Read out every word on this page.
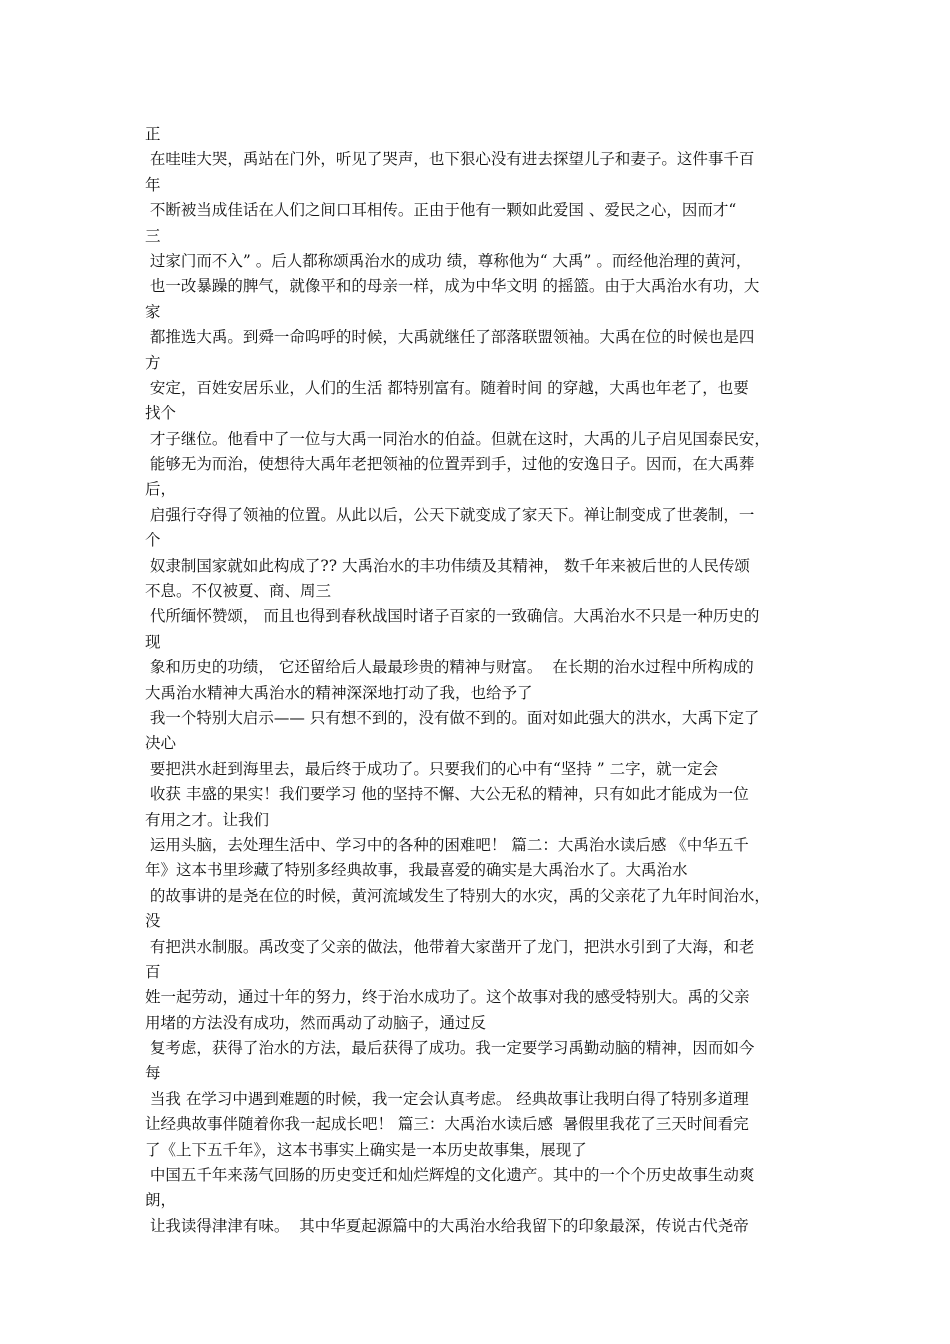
正
在哇哇大哭，禹站在门外，听见了哭声，也下狠心没有进去探望儿子和妻子。这件事千百
年
不断被当成佳话在人们之间口耳相传。正由于他有一颗如此爱国 、爱民之心，因而才“
三
过家门而不入” 。后人都称颂禹治水的成功 绩，尊称他为“ 大禹” 。而经他治理的黄河，
也一改暴躁的脾气，就像平和的母亲一样，成为中华文明 的摇篮。由于大禹治水有功，大
家
都推选大禹。到舜一命呜呼的时候，大禹就继任了部落联盟领袖。大禹在位的时候也是四
方
安定，百姓安居乐业，人们的生活 都特别富有。随着时间 的穿越，大禹也年老了，也要
找个
才子继位。他看中了一位与大禹一同治水的伯益。但就在这时，大禹的儿子启见国泰民安，
能够无为而治，使想待大禹年老把领袖的位置弄到手，过他的安逸日子。因而，在大禹葬
后，
启强行夺得了领袖的位置。从此以后，公天下就变成了家天下。禅让制变成了世袭制，一
个
奴隶制国家就如此构成了?? 大禹治水的丰功伟绩及其精神， 数千年来被后世的人民传颂
不息。不仅被夏、商、周三
代所缅怀赞颂， 而且也得到春秋战国时诸子百家的一致确信。大禹治水不只是一种历史的
现
象和历史的功绩， 它还留给后人最最珍贵的精神与财富。  在长期的治水过程中所构成的
大禹治水精神大禹治水的精神深深地打动了我，也给予了
我一个特别大启示—— 只有想不到的，没有做不到的。面对如此强大的洪水，大禹下定了
决心
要把洪水赶到海里去，最后终于成功了。只要我们的心中有“坚持 ” 二字，就一定会
收获 丰盛的果实！我们要学习 他的坚持不懈、大公无私的精神，只有如此才能成为一位
有用之才。让我们
运用头脑，去处理生活中、学习中的各种的困难吧！ 篇二：大禹治水读后感 《中华五千
年》这本书里珍藏了特别多经典故事，我最喜爱的确实是大禹治水了。大禹治水
的故事讲的是尧在位的时候，黄河流域发生了特别大的水灾，禹的父亲花了九年时间治水，
没
有把洪水制服。禹改变了父亲的做法，他带着大家凿开了龙门，把洪水引到了大海，和老
百
姓一起劳动，通过十年的努力，终于治水成功了。这个故事对我的感受特别大。禹的父亲
用堵的方法没有成功，然而禹动了动脑子，通过反
复考虑，获得了治水的方法，最后获得了成功。我一定要学习禹勤动脑的精神，因而如今
每
当我 在学习中遇到难题的时候，我一定会认真考虑。 经典故事让我明白得了特别多道理
让经典故事伴随着你我一起成长吧！ 篇三：大禹治水读后感  暑假里我花了三天时间看完
了《上下五千年》，这本书事实上确实是一本历史故事集，展现了
中国五千年来荡气回肠的历史变迁和灿烂辉煌的文化遗产。其中的一个个历史故事生动爽
朗，
让我读得津津有味。  其中华夏起源篇中的大禹治水给我留下的印象最深，传说古代尧帝
